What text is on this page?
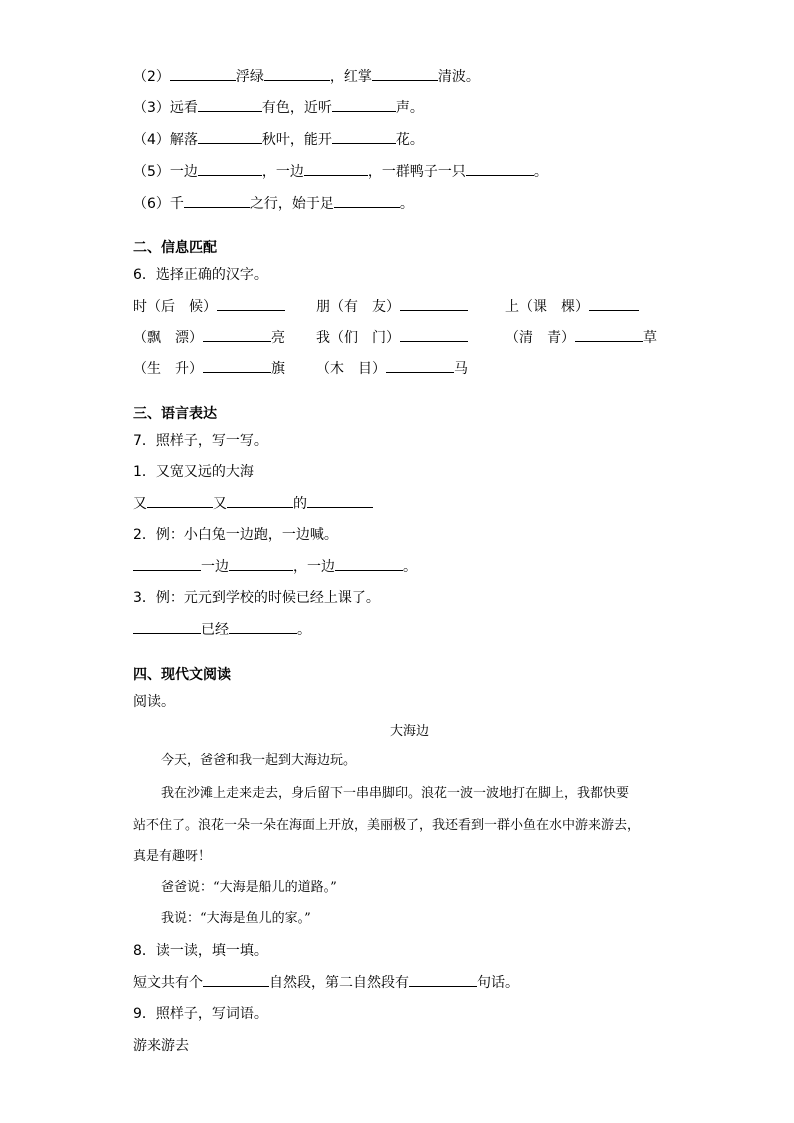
（2）	浮绿	，红掌	清波。
（3）远看	有色，近听	声。
（4）解落	秋叶，能开	花。
（5）一边	，一边	，一群鸭子一只	。
（6）千	之行，始于足	。
二、信息匹配
6．选择正确的汉字。
时（后　候）	朋（有　友）	上（课　棵）
（飘　漂）	亮 我（们　门）	（清　青）	草
（生　升）	旗 （木　目）	马
三、语言表达
7．照样子，写一写。
1．又宽又远的大海
又	又	的
2．例：小白兔一边跑，一边喊。
一边	，一边	。
3．例：元元到学校的时候已经上课了。
已经	。
四、现代文阅读
阅读。
大海边
今天，爸爸和我一起到大海边玩。
我在沙滩上走来走去，身后留下一串串脚印。浪花一波一波地打在脚上，我都快要
站不住了。浪花一朵一朵在海面上开放，美丽极了，我还看到一群小鱼在水中游来游去，
真是有趣呀！
爸爸说：“大海是船儿的道路。”
我说：“大海是鱼儿的家。”
8．读一读，填一填。
短文共有个	自然段，第二自然段有	句话。
9．照样子，写词语。
游来游去
